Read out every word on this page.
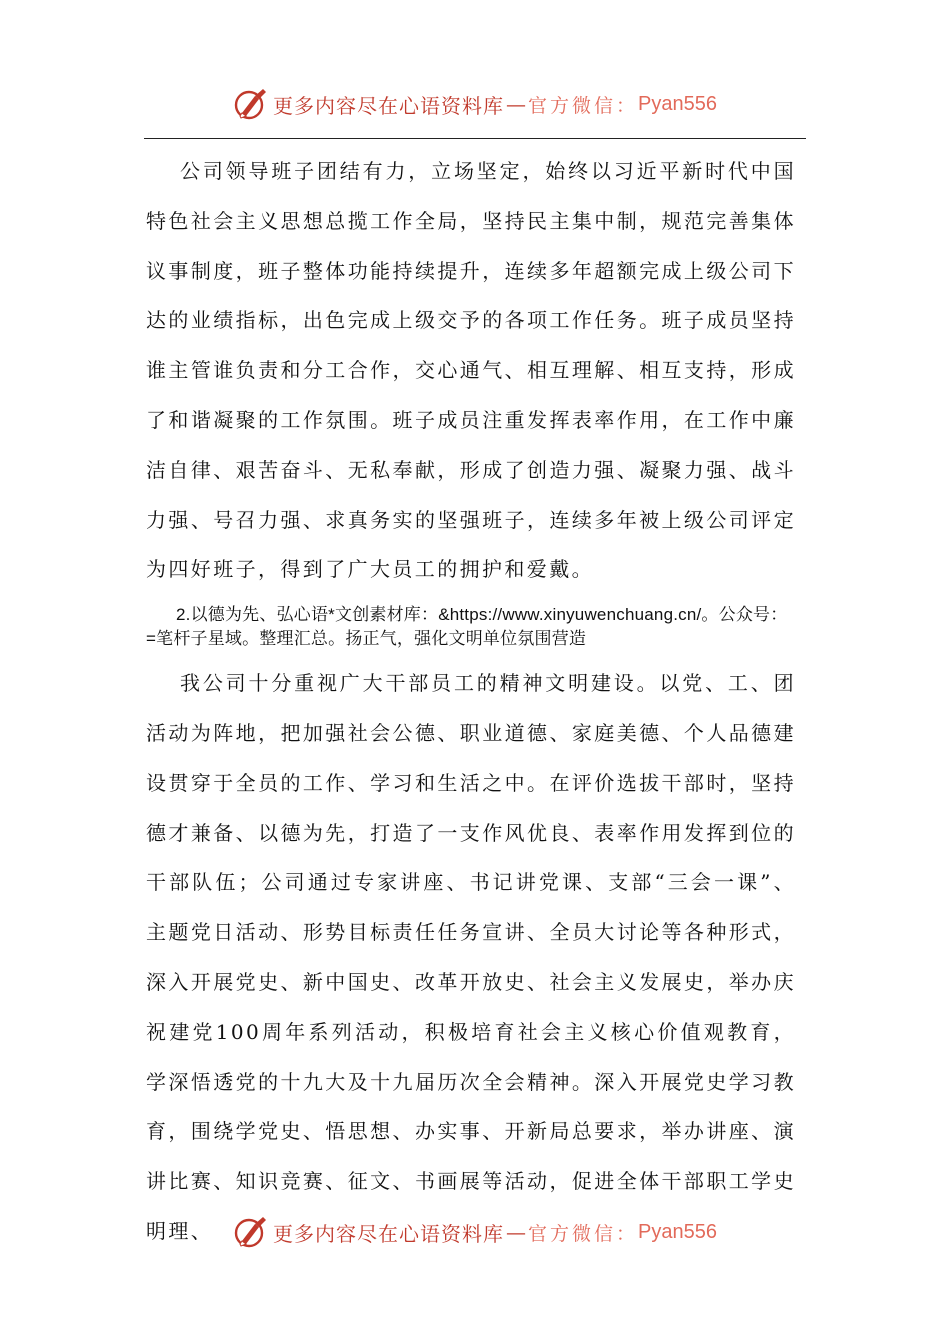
更多内容尽在心语资料库 — 官方微信： Pyan556

公司领导班子团结有力，立场坚定，始终以习近平新时代中国特色社会主义思想总揽工作全局，坚持民主集中制，规范完善集体议事制度，班子整体功能持续提升，连续多年超额完成上级公司下达的业绩指标，出色完成上级交予的各项工作任务。班子成员坚持谁主管谁负责和分工合作，交心通气、相互理解、相互支持，形成了和谐凝聚的工作氛围。班子成员注重发挥表率作用，在工作中廉洁自律、艰苦奋斗、无私奉献，形成了创造力强、凝聚力强、战斗力强、号召力强、求真务实的坚强班子，连续多年被上级公司评定为四好班子，得到了广大员工的拥护和爱戴。

2.以德为先、弘心语*文创素材库：&https://www.xinyuwenchuang.cn/。公众号：=笔杆子星域。整理汇总。扬正气，强化文明单位氛围营造

我公司十分重视广大干部员工的精神文明建设。以党、工、团活动为阵地，把加强社会公德、职业道德、家庭美德、个人品德建设贯穿于全员的工作、学习和生活之中。在评价选拔干部时，坚持德才兼备、以德为先，打造了一支作风优良、表率作用发挥到位的干部队伍；公司通过专家讲座、书记讲党课、支部“三会一课”、主题党日活动、形势目标责任任务宣讲、全员大讨论等各种形式，深入开展党史、新中国史、改革开放史、社会主义发展史，举办庆祝建党100周年系列活动，积极培育社会主义核心价值观教育，学深悟透党的十九大及十九届历次全会精神。深入开展党史学习教育，围绕学党史、悟思想、办实事、开新局总要求，举办讲座、演讲比赛、知识竞赛、征文、书画展等活动，促进全体干部职工学史明理、	更多内容尽在心语资料库 — 官方微信： Pyan556
